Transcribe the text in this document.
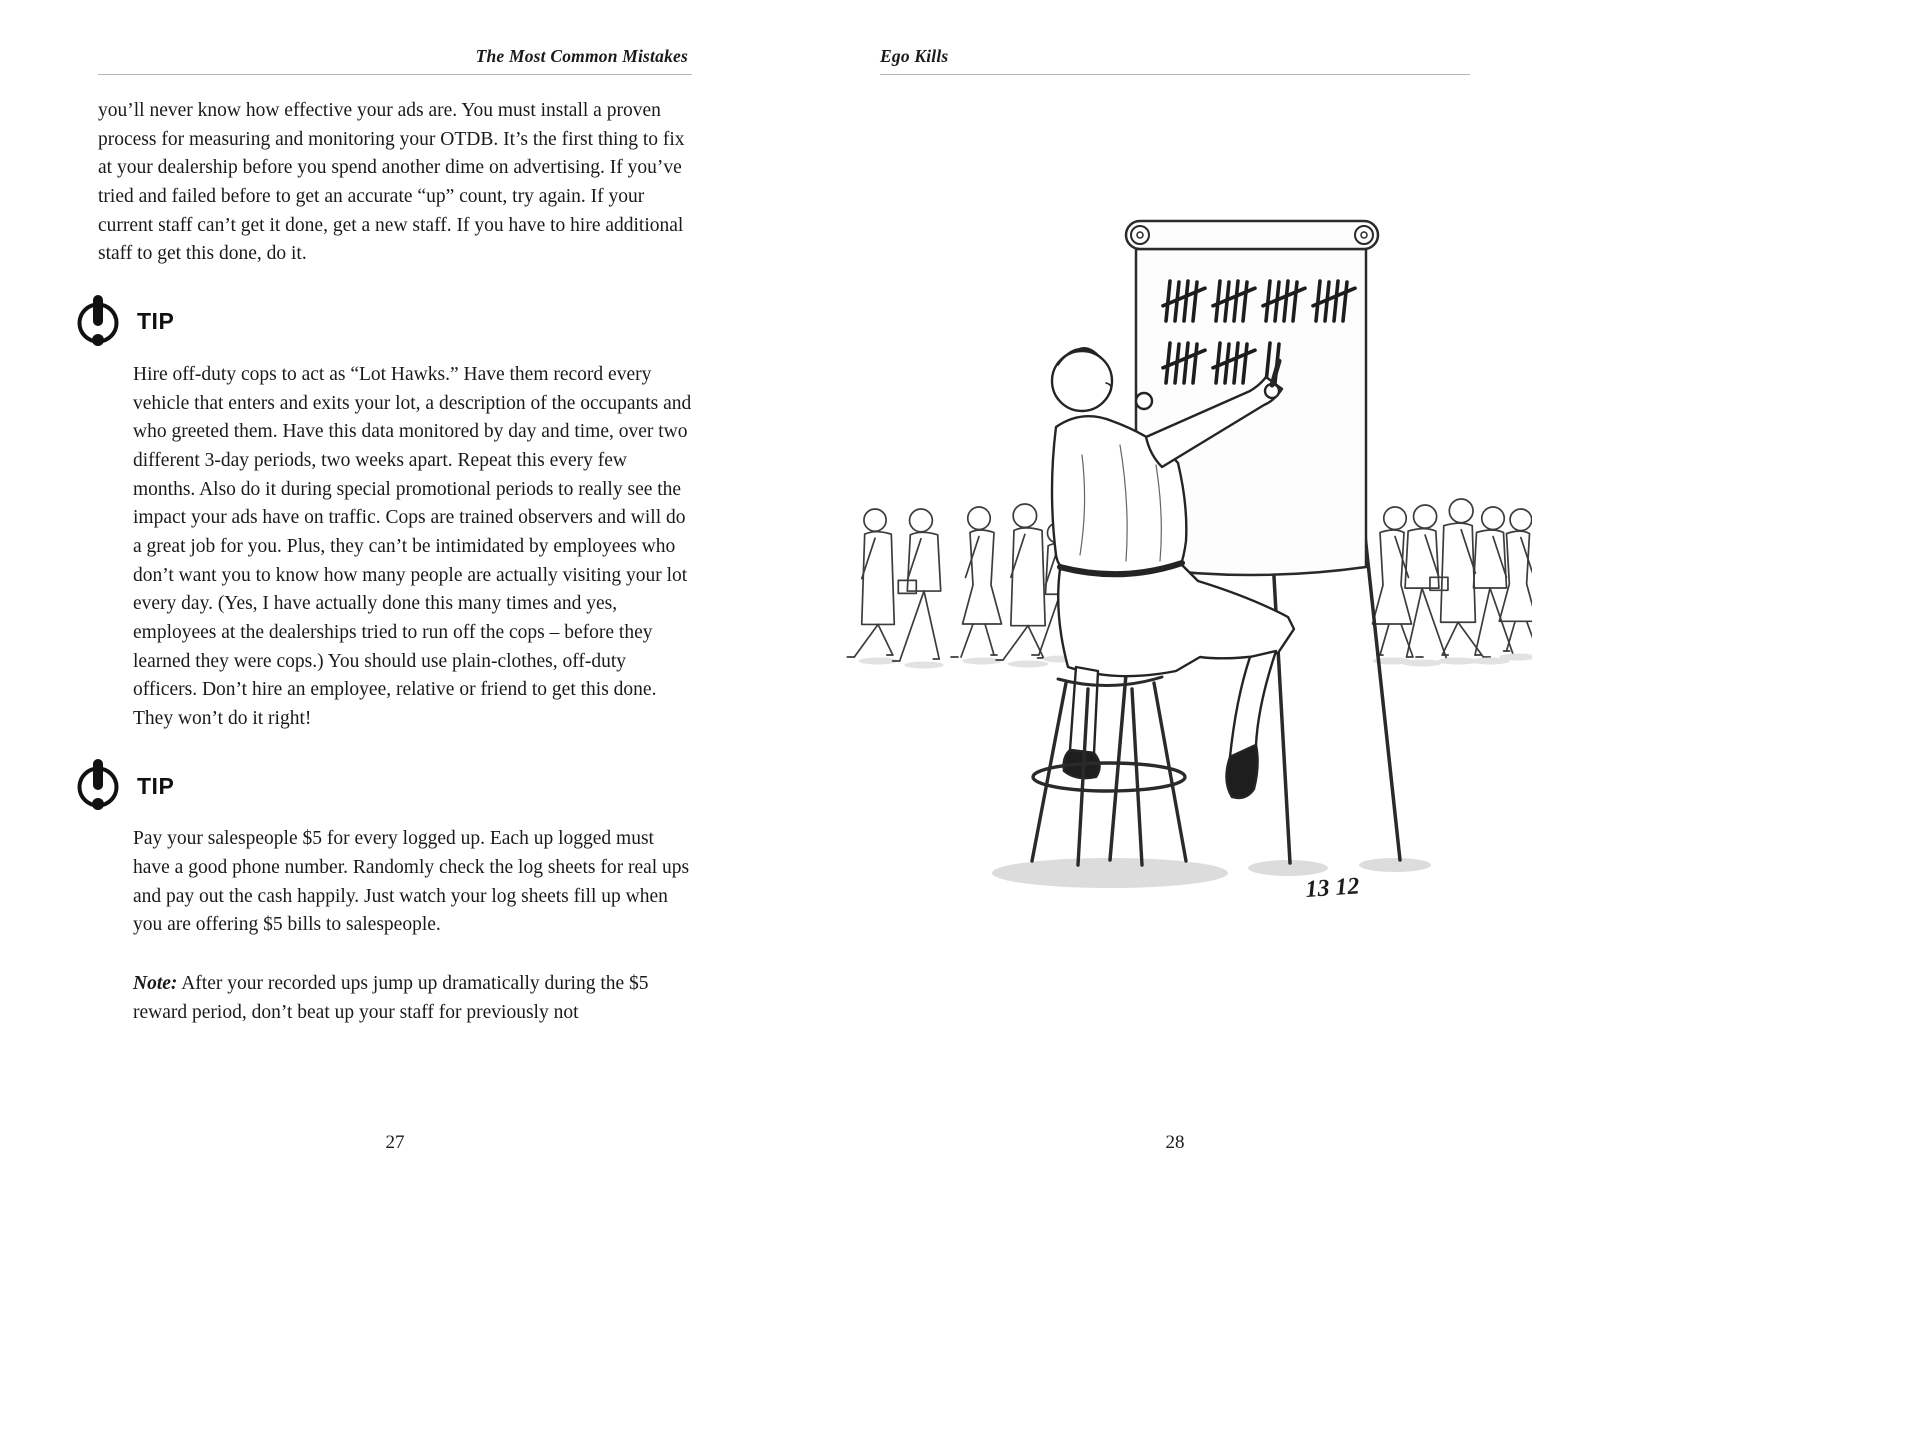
The Most Common Mistakes

you’ll never know how effective your ads are. You must install a proven process for measuring and monitoring your OTDB. It’s the first thing to fix at your dealership before you spend another dime on advertising. If you’ve tried and failed before to get an accurate “up” count, try again. If your current staff can’t get it done, get a new staff. If you have to hire additional staff to get this done, do it.

TIP

Hire off-duty cops to act as “Lot Hawks.” Have them record every vehicle that enters and exits your lot, a description of the occupants and who greeted them. Have this data monitored by day and time, over two different 3-day periods, two weeks apart. Repeat this every few months. Also do it during special promotional periods to really see the impact your ads have on traffic. Cops are trained observers and will do a great job for you. Plus, they can’t be intimidated by employees who don’t want you to know how many people are actually visiting your lot every day. (Yes, I have actually done this many times and yes, employees at the dealerships tried to run off the cops – before they learned they were cops.) You should use plain-clothes, off-duty officers. Don’t hire an employee, relative or friend to get this done. They won’t do it right!

TIP

Pay your salespeople $5 for every logged up. Each up logged must have a good phone number. Randomly check the log sheets for real ups and pay out the cash happily. Just watch your log sheets fill up when you are offering $5 bills to salespeople.

Note: After your recorded ups jump up dramatically during the $5 reward period, don’t beat up your staff for previously not

27
Ego Kills
28
13 12
